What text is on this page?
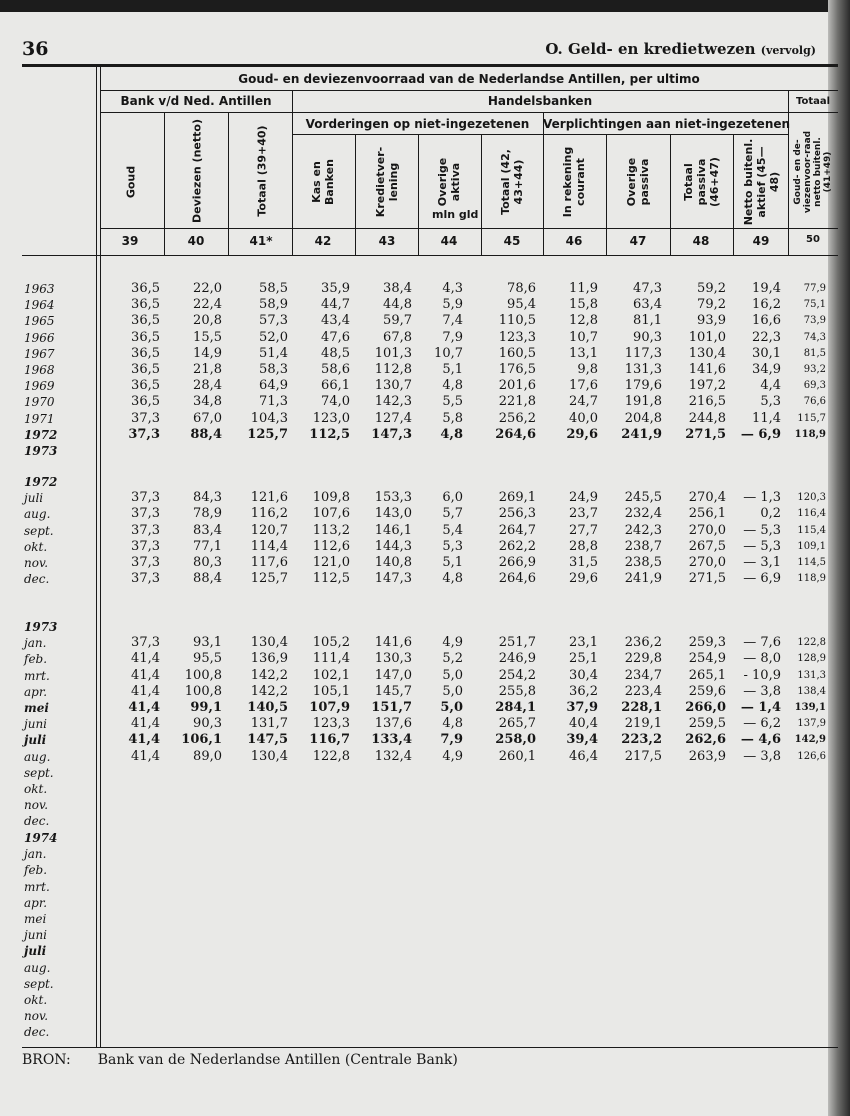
36	O. Geld- en kredietwezen (vervolg)
Goud- en deviezenvoorraad van de Nederlandse Antillen, per ultimo
Bank v/d Ned. Antillen	Handelsbanken	Totaal
Vorderingen op niet-ingezetenen	Verplichtingen aan niet-ingezetenen
mln gld
Goud
39
Deviezen (netto)
40
Totaal (39+40)
41*
Kas en Banken
42
Kredietver-lening
43
Overige aktiva
44
Totaal (42, 43+44)
45
In rekening courant
46
Overige passiva
47
Totaal passiva (46+47)
48
Netto buitenl. aktief (45—48)
49
Goud- en de-viezenvoor-raad netto buitenl. (41+49)
50
1963	36,5	22,0	58,5	35,9	38,4	4,3	78,6	11,9	47,3	59,2	19,4	77,9
1964	36,5	22,4	58,9	44,7	44,8	5,9	95,4	15,8	63,4	79,2	16,2	75,1
1965	36,5	20,8	57,3	43,4	59,7	7,4	110,5	12,8	81,1	93,9	16,6	73,9
1966	36,5	15,5	52,0	47,6	67,8	7,9	123,3	10,7	90,3	101,0	22,3	74,3
1967	36,5	14,9	51,4	48,5	101,3	10,7	160,5	13,1	117,3	130,4	30,1	81,5
1968	36,5	21,8	58,3	58,6	112,8	5,1	176,5	9,8	131,3	141,6	34,9	93,2
1969	36,5	28,4	64,9	66,1	130,7	4,8	201,6	17,6	179,6	197,2	4,4	69,3
1970	36,5	34,8	71,3	74,0	142,3	5,5	221,8	24,7	191,8	216,5	5,3	76,6
1971	37,3	67,0	104,3	123,0	127,4	5,8	256,2	40,0	204,8	244,8	11,4	115,7
1972	37,3	88,4	125,7	112,5	147,3	4,8	264,6	29,6	241,9	271,5	— 6,9	118,9
1973
1972
juli	37,3	84,3	121,6	109,8	153,3	6,0	269,1	24,9	245,5	270,4	— 1,3	120,3
aug.	37,3	78,9	116,2	107,6	143,0	5,7	256,3	23,7	232,4	256,1	0,2	116,4
sept.	37,3	83,4	120,7	113,2	146,1	5,4	264,7	27,7	242,3	270,0	— 5,3	115,4
okt.	37,3	77,1	114,4	112,6	144,3	5,3	262,2	28,8	238,7	267,5	— 5,3	109,1
nov.	37,3	80,3	117,6	121,0	140,8	5,1	266,9	31,5	238,5	270,0	— 3,1	114,5
dec.	37,3	88,4	125,7	112,5	147,3	4,8	264,6	29,6	241,9	271,5	— 6,9	118,9
1973
jan.	37,3	93,1	130,4	105,2	141,6	4,9	251,7	23,1	236,2	259,3	— 7,6	122,8
feb.	41,4	95,5	136,9	111,4	130,3	5,2	246,9	25,1	229,8	254,9	— 8,0	128,9
mrt.	41,4	100,8	142,2	102,1	147,0	5,0	254,2	30,4	234,7	265,1	- 10,9	131,3
apr.	41,4	100,8	142,2	105,1	145,7	5,0	255,8	36,2	223,4	259,6	— 3,8	138,4
mei	41,4	99,1	140,5	107,9	151,7	5,0	284,1	37,9	228,1	266,0	— 1,4	139,1
juni	41,4	90,3	131,7	123,3	137,6	4,8	265,7	40,4	219,1	259,5	— 6,2	137,9
juli	41,4	106,1	147,5	116,7	133,4	7,9	258,0	39,4	223,2	262,6	— 4,6	142,9
aug.	41,4	89,0	130,4	122,8	132,4	4,9	260,1	46,4	217,5	263,9	— 3,8	126,6
sept.
okt.
nov.
dec.
1974
jan.
feb.
mrt.
apr.
mei
juni
juli
aug.
sept.
okt.
nov.
dec.
BRON: Bank van de Nederlandse Antillen (Centrale Bank)
